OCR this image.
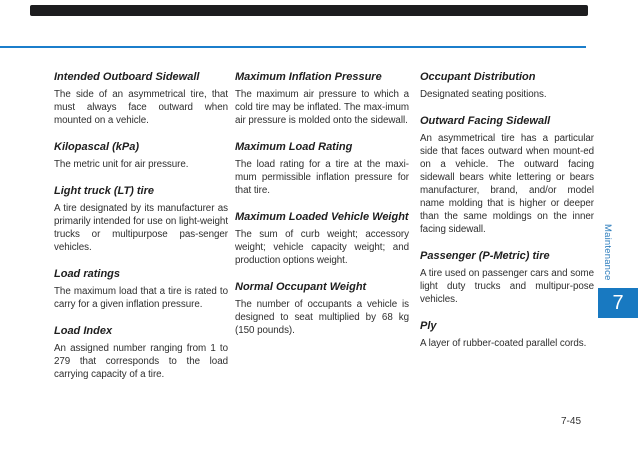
Intended Outboard Sidewall

The side of an asymmetrical tire, that must always face outward when mounted on a vehicle.

Kilopascal (kPa)

The metric unit for air pressure.

Light truck (LT) tire

A tire designated by its manufacturer as primarily intended for use on light-weight trucks or multipurpose pas-senger vehicles.

Load ratings

The maximum load that a tire is rated to carry for a given inflation pressure.

Load Index

An assigned number ranging from 1 to 279 that corresponds to the load carrying capacity of a tire.

Maximum Inflation Pressure

The maximum air pressure to which a cold tire may be inflated. The max-imum air pressure is molded onto the sidewall.

Maximum Load Rating

The load rating for a tire at the maxi-mum permissible inflation pressure for that tire.

Maximum Loaded Vehicle Weight

The sum of curb weight; accessory weight; vehicle capacity weight; and production options weight.

Normal Occupant Weight

The number of occupants a vehicle is designed to seat multiplied by 68 kg (150 pounds).

Occupant Distribution

Designated seating positions.

Outward Facing Sidewall

An asymmetrical tire has a particular side that faces outward when mount-ed on a vehicle. The outward facing sidewall bears white lettering or bears manufacturer, brand, and/or model name molding that is higher or deeper than the same moldings on the inner facing sidewall.

Passenger (P-Metric) tire

A tire used on passenger cars and some light duty trucks and multipur-pose vehicles.

Ply

A layer of rubber-coated parallel cords.

Maintenance
7
7-45
